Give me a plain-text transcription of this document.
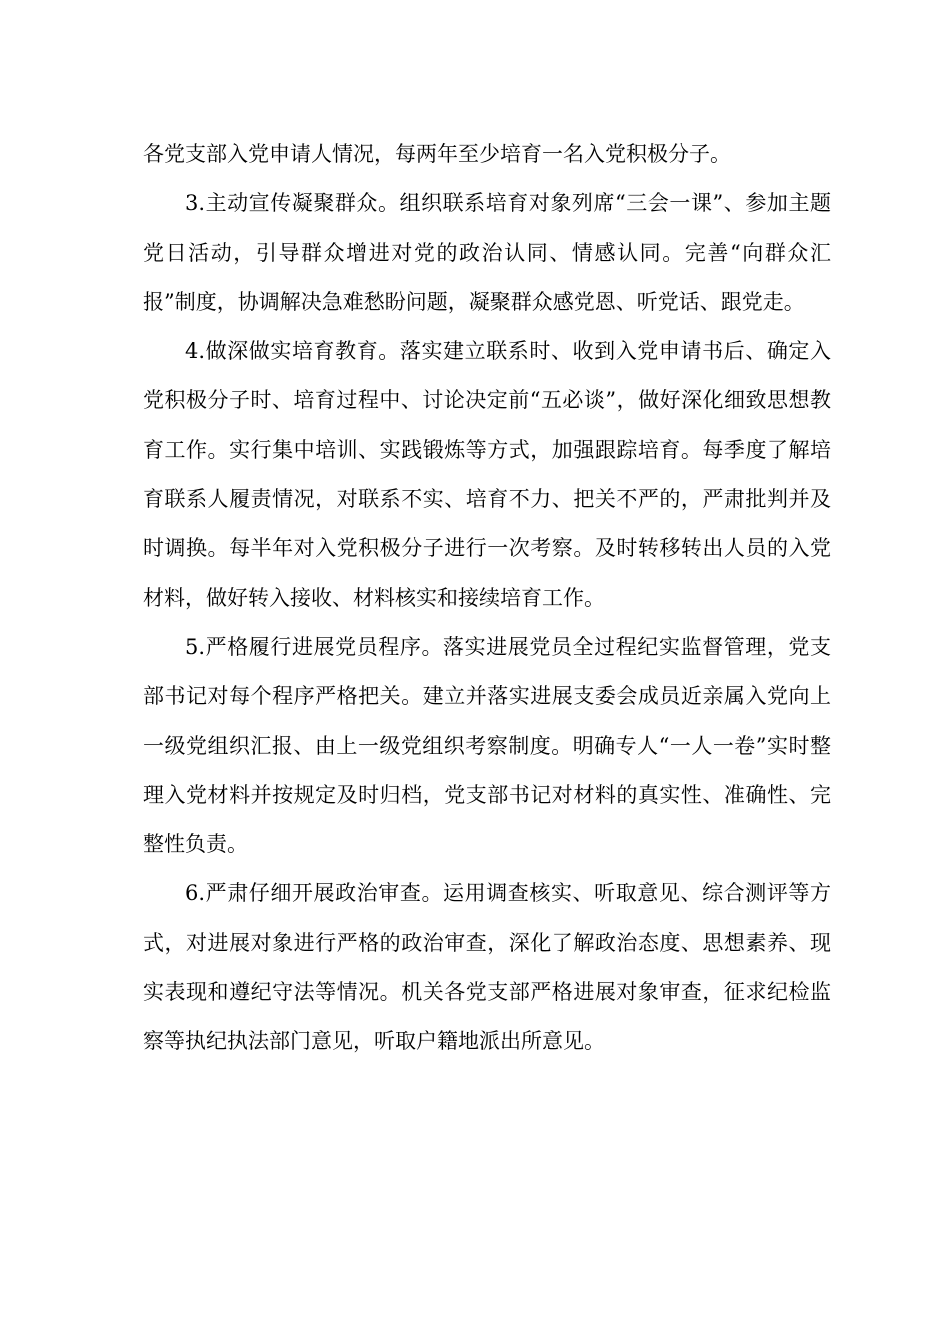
各党支部入党申请人情况，每两年至少培育一名入党积极分子。

3.主动宣传凝聚群众。组织联系培育对象列席“三会一课”、参加主题党日活动，引导群众增进对党的政治认同、情感认同。完善“向群众汇报”制度，协调解决急难愁盼问题，凝聚群众感党恩、听党话、跟党走。

4.做深做实培育教育。落实建立联系时、收到入党申请书后、确定入党积极分子时、培育过程中、讨论决定前“五必谈”，做好深化细致思想教育工作。实行集中培训、实践锻炼等方式，加强跟踪培育。每季度了解培育联系人履责情况，对联系不实、培育不力、把关不严的，严肃批判并及时调换。每半年对入党积极分子进行一次考察。及时转移转出人员的入党材料，做好转入接收、材料核实和接续培育工作。

5.严格履行进展党员程序。落实进展党员全过程纪实监督管理，党支部书记对每个程序严格把关。建立并落实进展支委会成员近亲属入党向上一级党组织汇报、由上一级党组织考察制度。明确专人“一人一卷”实时整理入党材料并按规定及时归档，党支部书记对材料的真实性、准确性、完整性负责。

6.严肃仔细开展政治审查。运用调查核实、听取意见、综合测评等方式，对进展对象进行严格的政治审查，深化了解政治态度、思想素养、现实表现和遵纪守法等情况。机关各党支部严格进展对象审查，征求纪检监察等执纪执法部门意见，听取户籍地派出所意见。
